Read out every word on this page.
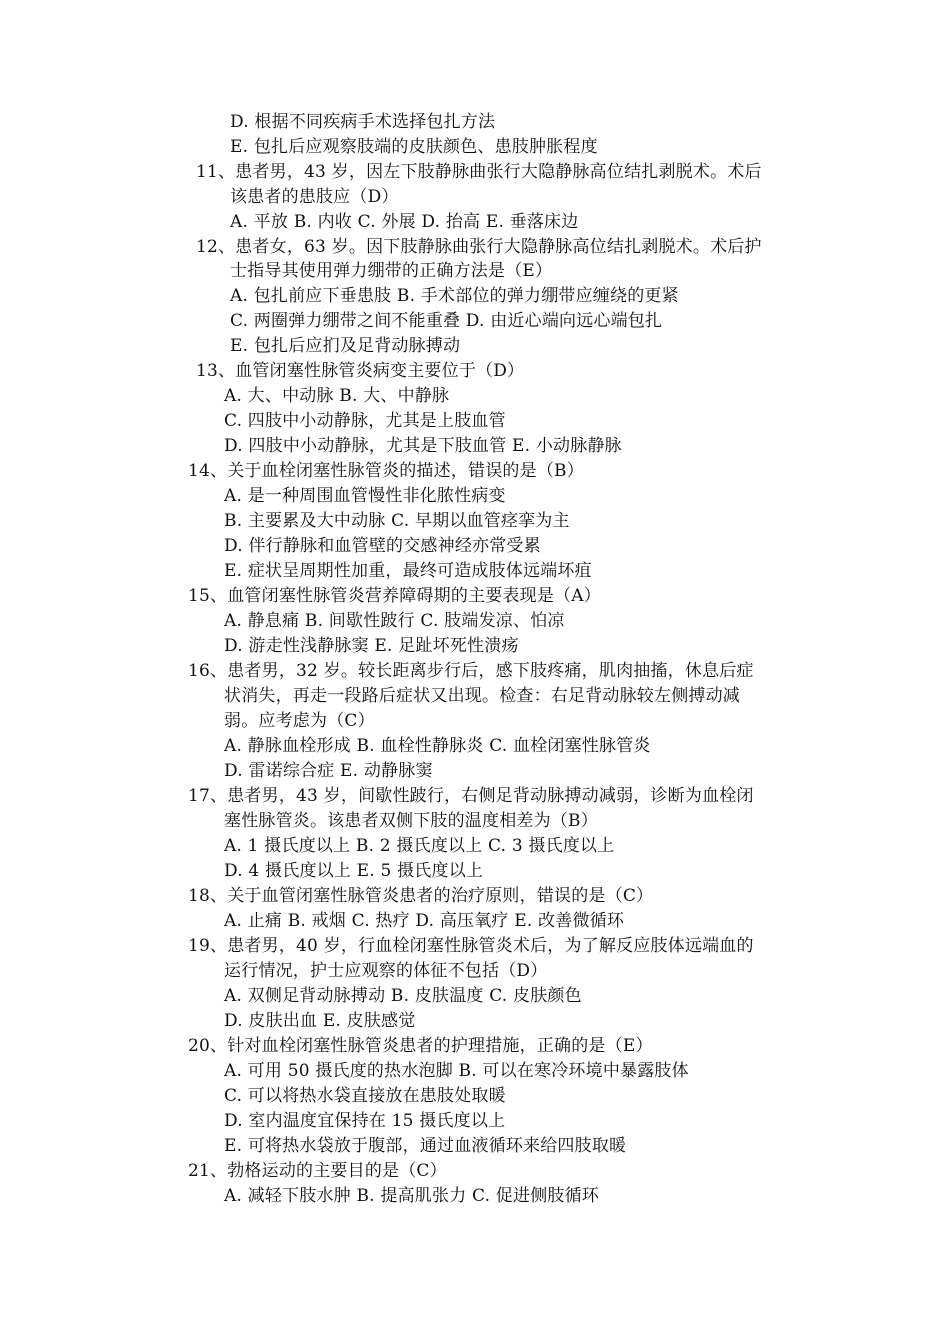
D. 根据不同疾病手术选择包扎方法
E. 包扎后应观察肢端的皮肤颜色、患肢肿胀程度
11、患者男，43 岁，因左下肢静脉曲张行大隐静脉高位结扎剥脱术。术后
该患者的患肢应（D）
A. 平放 B. 内收 C. 外展 D. 抬高 E. 垂落床边
12、患者女，63 岁。因下肢静脉曲张行大隐静脉高位结扎剥脱术。术后护
士指导其使用弹力绷带的正确方法是（E）
A. 包扎前应下垂患肢 B. 手术部位的弹力绷带应缠绕的更紧
C. 两圈弹力绷带之间不能重叠 D. 由近心端向远心端包扎
E. 包扎后应扪及足背动脉搏动
13、血管闭塞性脉管炎病变主要位于（D）
A. 大、中动脉 B. 大、中静脉
C. 四肢中小动静脉，尤其是上肢血管
D. 四肢中小动静脉，尤其是下肢血管 E. 小动脉静脉
14、关于血栓闭塞性脉管炎的描述，错误的是（B）
A. 是一种周围血管慢性非化脓性病变
B. 主要累及大中动脉 C. 早期以血管痉挛为主
D. 伴行静脉和血管壁的交感神经亦常受累
E. 症状呈周期性加重，最终可造成肢体远端坏疽
15、血管闭塞性脉管炎营养障碍期的主要表现是（A）
A. 静息痛 B. 间歇性跛行 C. 肢端发凉、怕凉
D. 游走性浅静脉窦 E. 足趾坏死性溃疡
16、患者男，32 岁。较长距离步行后，感下肢疼痛，肌肉抽搐，休息后症
状消失，再走一段路后症状又出现。检查：右足背动脉较左侧搏动减
弱。应考虑为（C）
A. 静脉血栓形成 B. 血栓性静脉炎 C. 血栓闭塞性脉管炎
D. 雷诺综合症 E. 动静脉窦
17、患者男，43 岁，间歇性跛行，右侧足背动脉搏动减弱，诊断为血栓闭
塞性脉管炎。该患者双侧下肢的温度相差为（B）
A. 1 摄氏度以上 B. 2 摄氏度以上 C. 3 摄氏度以上
D. 4 摄氏度以上 E. 5 摄氏度以上
18、关于血管闭塞性脉管炎患者的治疗原则，错误的是（C）
A. 止痛 B. 戒烟 C. 热疗 D. 高压氧疗 E. 改善微循环
19、患者男，40 岁，行血栓闭塞性脉管炎术后，为了解反应肢体远端血的
运行情况，护士应观察的体征不包括（D）
A. 双侧足背动脉搏动 B. 皮肤温度 C. 皮肤颜色
D. 皮肤出血 E. 皮肤感觉
20、针对血栓闭塞性脉管炎患者的护理措施，正确的是（E）
A. 可用 50 摄氏度的热水泡脚 B. 可以在寒冷环境中暴露肢体
C. 可以将热水袋直接放在患肢处取暖
D. 室内温度宜保持在 15 摄氏度以上
E. 可将热水袋放于腹部，通过血液循环来给四肢取暖
21、勃格运动的主要目的是（C）
A. 减轻下肢水肿 B. 提高肌张力 C. 促进侧肢循环
